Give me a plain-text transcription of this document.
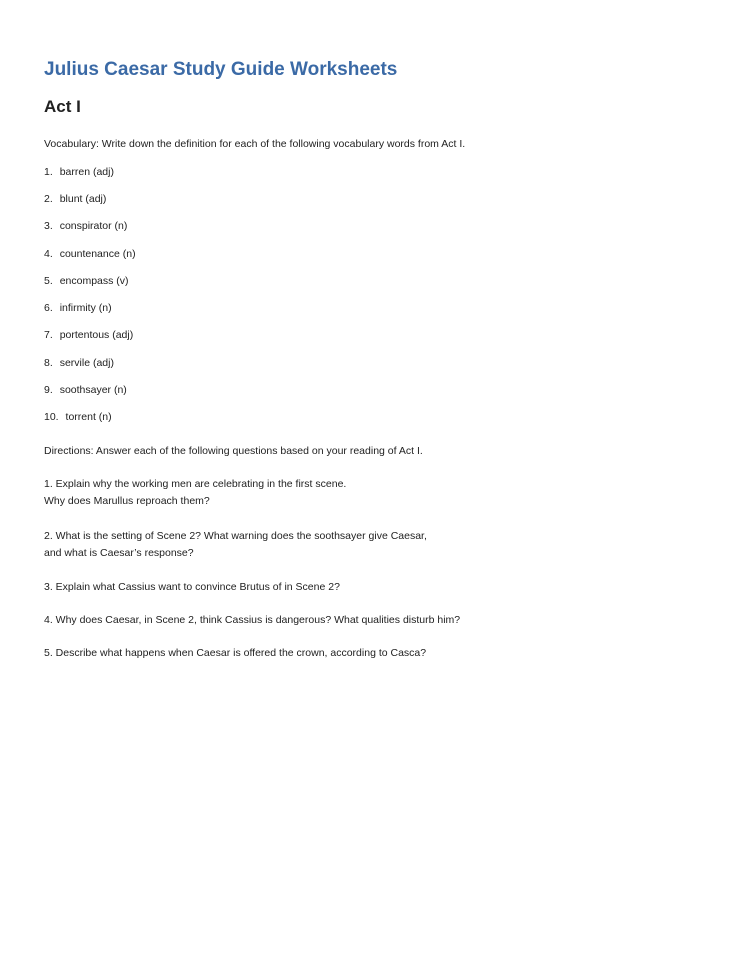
Julius Caesar Study Guide Worksheets
Act I

Vocabulary: Write down the definition for each of the following vocabulary words from Act I.

1. barren (adj)

2. blunt (adj)

3. conspirator (n)

4. countenance (n)

5. encompass (v)

6. infirmity (n)

7. portentous (adj)

8. servile (adj)

9. soothsayer (n)

10. torrent (n)

Directions: Answer each of the following questions based on your reading of Act I.

1. Explain why the working men are celebrating in the first scene.

Why does Marullus reproach them?

2. What is the setting of Scene 2? What warning does the soothsayer give Caesar,

and what is Caesar’s response?

3. Explain what Cassius want to convince Brutus of in Scene 2?

4. Why does Caesar, in Scene 2, think Cassius is dangerous? What qualities disturb him?

5. Describe what happens when Caesar is offered the crown, according to Casca?
